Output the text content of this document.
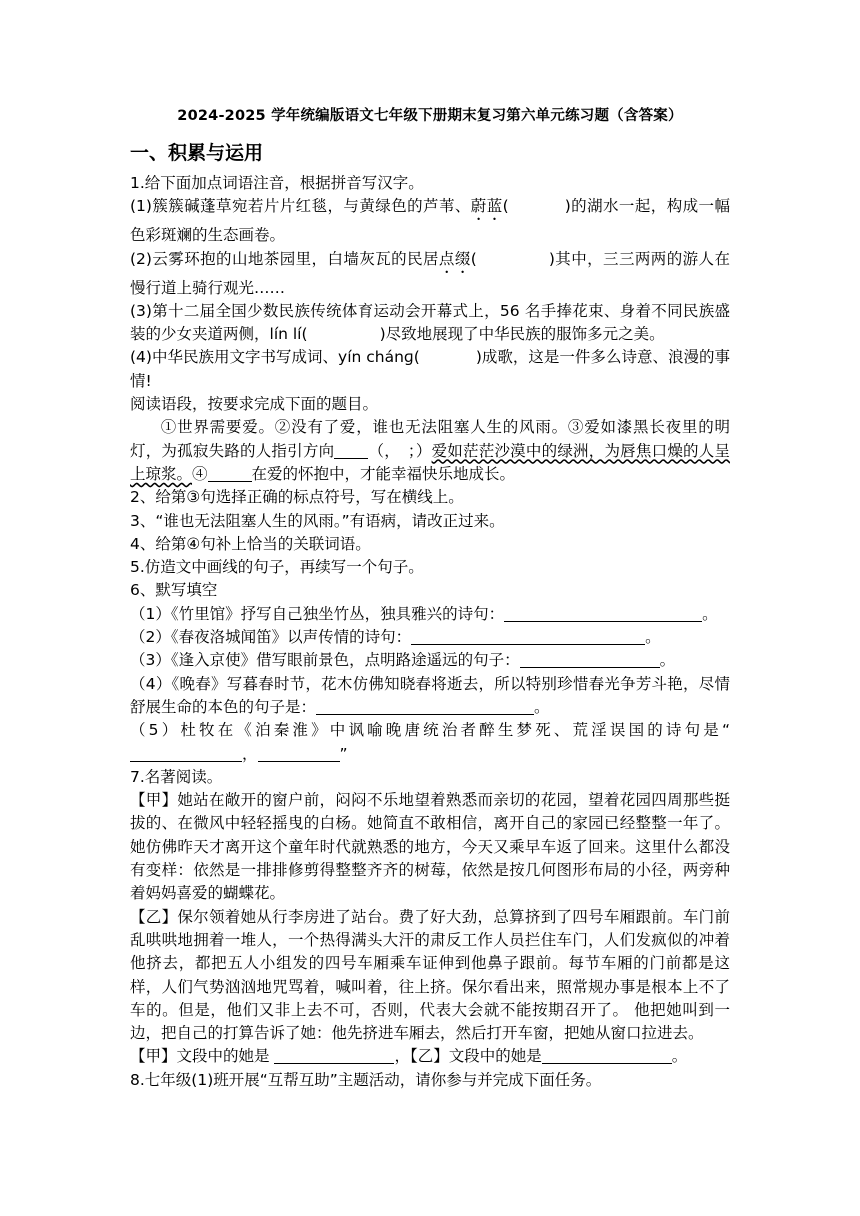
2024-2025 学年统编版语文七年级下册期末复习第六单元练习题（含答案）
一、积累与运用

1.给下面加点词语注音，根据拼音写汉字。

(1)簇簇碱蓬草宛若片片红毯，与黄绿色的芦苇、蔚蓝(	)的湖水一起，构成一幅色彩斑斓的生态画卷。

(2)云雾环抱的山地茶园里，白墙灰瓦的民居点缀(	)其中，三三两两的游人在慢行道上骑行观光……

(3)第十二届全国少数民族传统体育运动会开幕式上，56 名手捧花束、身着不同民族盛装的少女夹道两侧，lín lí(	)尽致地展现了中华民族的服饰多元之美。

(4)中华民族用文字书写成词、yín chánɡ(	)成歌，这是一件多么诗意、浪漫的事情!

阅读语段，按要求完成下面的题目。

①世界需要爱。②没有了爱，谁也无法阻塞人生的风雨。③爱如漆黑长夜里的明灯，为孤寂失路的人指引方向 （，　；）爱如茫茫沙漠中的绿洲，为唇焦口燥的人呈上琼浆。④	在爱的怀抱中，才能幸福快乐地成长。

2、给第③句选择正确的标点符号，写在横线上。

3、“谁也无法阻塞人生的风雨。”有语病，请改正过来。

4、给第④句补上恰当的关联词语。

5.仿造文中画线的句子，再续写一个句子。

6、默写填空

（1）《竹里馆》抒写自己独坐竹丛，独具雅兴的诗句：	。

（2）《春夜洛城闻笛》以声传情的诗句：	。

（3）《逢入京使》借写眼前景色，点明路途遥远的句子：	。

（4）《晚春》写暮春时节，花木仿佛知晓春将逝去，所以特别珍惜春光争芳斗艳，尽情舒展生命的本色的句子是：	。

（5）杜牧在《泊秦淮》中讽喻晚唐统治者醉生梦死、荒淫误国的诗句是“，	”

7.名著阅读。

【甲】她站在敞开的窗户前，闷闷不乐地望着熟悉而亲切的花园，望着花园四周那些挺拔的、在微风中轻轻摇曳的白杨。她简直不敢相信，离开自己的家园已经整整一年了。她仿佛昨天才离开这个童年时代就熟悉的地方，今天又乘早车返了回来。这里什么都没有变样：依然是一排排修剪得整整齐齐的树莓，依然是按几何图形布局的小径，两旁种着妈妈喜爱的蝴蝶花。

【乙】保尔领着她从行李房进了站台。费了好大劲，总算挤到了四号车厢跟前。车门前乱哄哄地拥着一堆人，一个热得满头大汗的肃反工作人员拦住车门，人们发疯似的冲着他挤去，都把五人小组发的四号车厢乘车证伸到他鼻子跟前。每节车厢的门前都是这样，人们气势汹汹地咒骂着，喊叫着，往上挤。保尔看出来，照常规办事是根本上不了车的。但是，他们又非上去不可，否则，代表大会就不能按期召开了。 他把她叫到一边，把自己的打算告诉了她：他先挤进车厢去，然后打开车窗，把她从窗口拉进去。

【甲】文段中的她是	，【乙】文段中的她是	。

8.七年级(1)班开展“互帮互助”主题活动，请你参与并完成下面任务。
